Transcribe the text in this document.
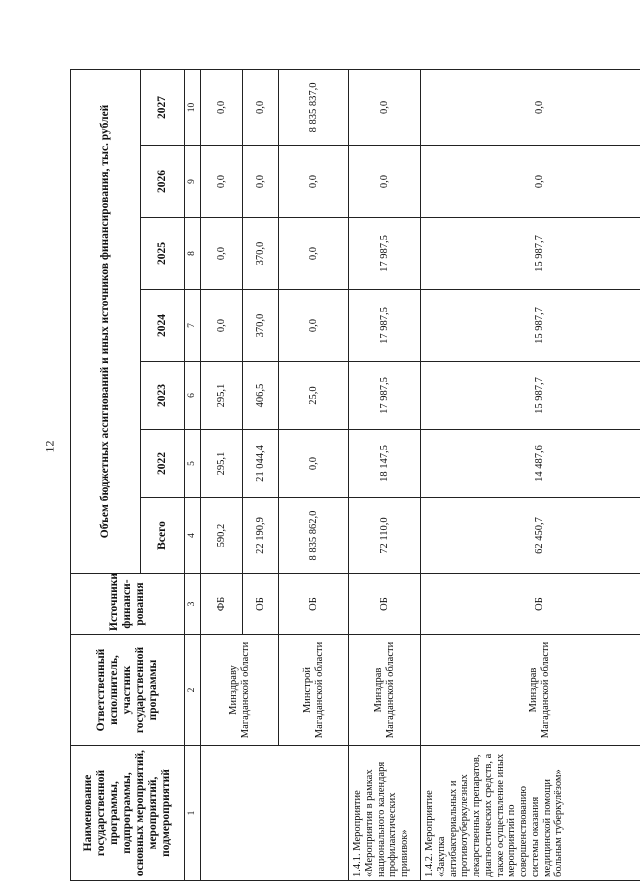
12
Наименование государственной программы, подпрограммы, основных мероприятий, мероприятий, подмероприятий	Ответственный исполнитель, участник государственной программы	Источники финанси-рования	Объем бюджетных ассигнований и иных источников финансирования, тыс. рублей						
			Всего	2022	2023	2024	2025	2026	2027
1	2	3	4	5	6	7	8	9	10
	Минздраву Магаданской области	ФБ	590,2	295,1	295,1	0,0	0,0	0,0	0,0
		ОБ	22 190,9	21 044,4	406,5	370,0	370,0	0,0	0,0
	Минстрой Магаданской области	ОБ	8 835 862,0	0,0	25,0	0,0	0,0	0,0	8 835 837,0
1.4.1. Мероприятие «Мероприятия в рамках национального календаря профилактических прививок»	Минздрав Магаданской области	ОБ	72 110,0	18 147,5	17 987,5	17 987,5	17 987,5	0,0	0,0
1.4.2. Мероприятие «Закупка антибактериальных и противотуберкулезных лекарственных препаратов, диагностических средств, а также осуществление иных мероприятий по совершенствованию системы оказания медицинской помощи больным туберкулёзом»	Минздрав Магаданской области	ОБ	62 450,7	14 487,6	15 987,7	15 987,7	15 987,7	0,0	0,0
